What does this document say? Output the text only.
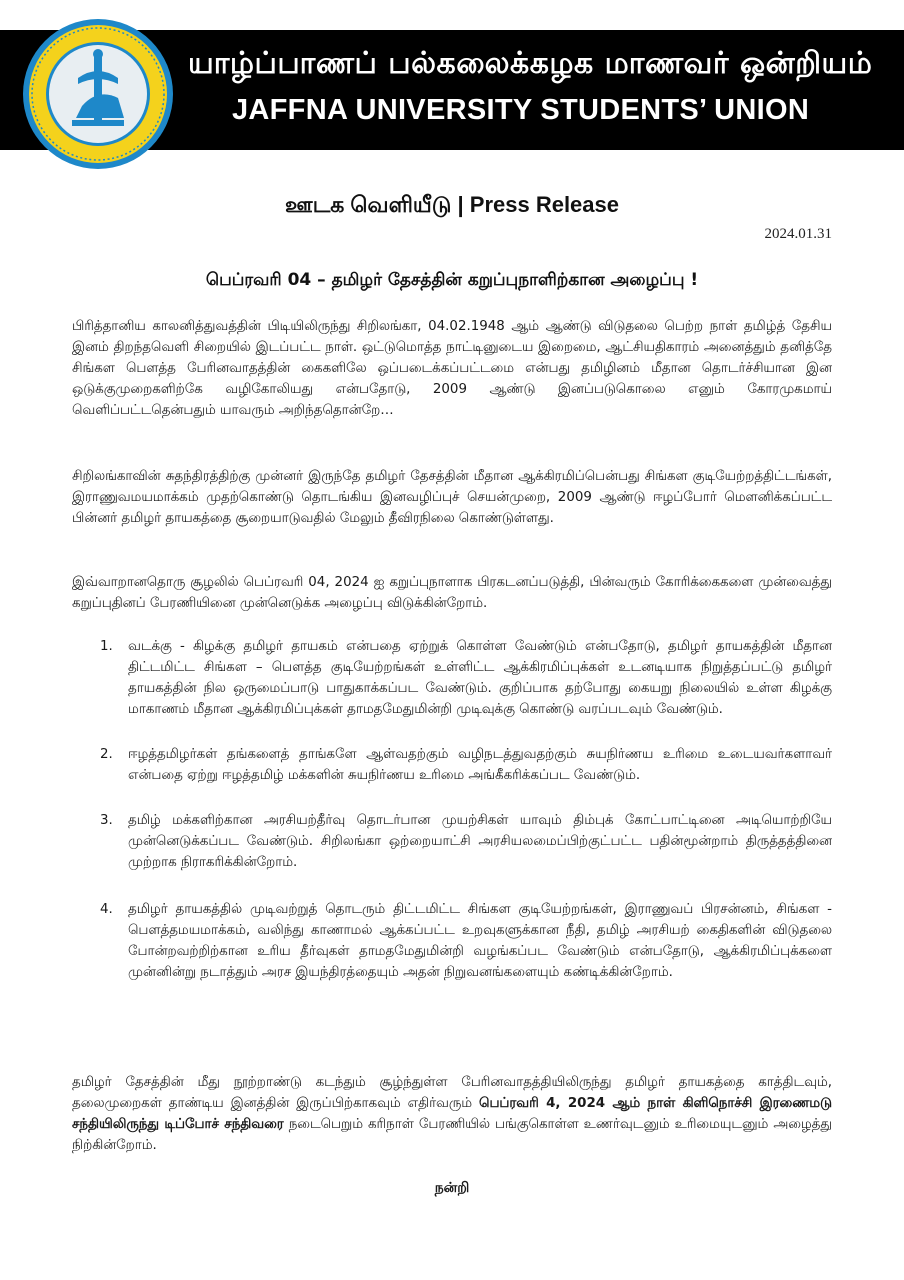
யாழ்ப்பாணப் பல்கலைக்கழக மாணவர் ஒன்றியம்
JAFFNA UNIVERSITY STUDENTS’ UNION
ஊடக வெளியீடு | Press Release
2024.01.31
பெப்ரவரி 04 – தமிழர் தேசத்தின் கறுப்புநாளிற்கான அழைப்பு !

பிரித்தானிய காலனித்துவத்தின் பிடியிலிருந்து சிறிலங்கா, 04.02.1948 ஆம் ஆண்டு விடுதலை பெற்ற நாள் தமிழ்த் தேசிய இனம் திறந்தவெளி சிறையில் இடப்பட்ட நாள். ஒட்டுமொத்த நாட்டினுடைய இறைமை, ஆட்சியதிகாரம் அனைத்தும் தனித்தே சிங்கள பௌத்த பேரினவாதத்தின் கைகளிலே ஒப்படைக்கப்பட்டமை என்பது தமிழினம் மீதான தொடர்ச்சியான இன ஒடுக்குமுறைகளிற்கே வழிகோலியது என்பதோடு, 2009 ஆண்டு இனப்படுகொலை எனும் கோரமுகமாய் வெளிப்பட்டதென்பதும் யாவரும் அறிந்ததொன்றே…

சிறிலங்காவின் சுதந்திரத்திற்கு முன்னர் இருந்தே தமிழர் தேசத்தின் மீதான ஆக்கிரமிப்பென்பது சிங்கள குடியேற்றத்திட்டங்கள், இராணுவமயமாக்கம் முதற்கொண்டு தொடங்கிய இனவழிப்புச் செயன்முறை, 2009 ஆண்டு ஈழப்போர் மௌனிக்கப்பட்ட பின்னர் தமிழர் தாயகத்தை சூறையாடுவதில் மேலும் தீவிரநிலை கொண்டுள்ளது.

இவ்வாறானதொரு சூழலில் பெப்ரவரி 04, 2024 ஐ கறுப்புநாளாக பிரகடனப்படுத்தி, பின்வரும் கோரிக்கைகளை முன்வைத்து கறுப்புதினப் பேரணியினை முன்னெடுக்க அழைப்பு விடுக்கின்றோம்.

1. வடக்கு - கிழக்கு தமிழர் தாயகம் என்பதை ஏற்றுக் கொள்ள வேண்டும் என்பதோடு, தமிழர் தாயகத்தின் மீதான திட்டமிட்ட சிங்கள – பௌத்த குடியேற்றங்கள் உள்ளிட்ட ஆக்கிரமிப்புக்கள் உடனடியாக நிறுத்தப்பட்டு தமிழர் தாயகத்தின் நில ஒருமைப்பாடு பாதுகாக்கப்பட வேண்டும். குறிப்பாக தற்போது கையறு நிலையில் உள்ள கிழக்கு மாகாணம் மீதான ஆக்கிரமிப்புக்கள் தாமதமேதுமின்றி முடிவுக்கு கொண்டு வரப்படவும் வேண்டும்.
2. ஈழத்தமிழர்கள் தங்களைத் தாங்களே ஆள்வதற்கும் வழிநடத்துவதற்கும் சுயநிர்ணய உரிமை உடையவர்களாவர் என்பதை ஏற்று ஈழத்தமிழ் மக்களின் சுயநிர்ணய உரிமை அங்கீகரிக்கப்பட வேண்டும்.
3. தமிழ் மக்களிற்கான அரசியற்தீர்வு தொடர்பான முயற்சிகள் யாவும் திம்புக் கோட்பாட்டினை அடியொற்றியே முன்னெடுக்கப்பட வேண்டும். சிறிலங்கா ஒற்றையாட்சி அரசியலமைப்பிற்குட்பட்ட பதின்மூன்றாம் திருத்தத்தினை முற்றாக நிராகரிக்கின்றோம்.
4. தமிழர் தாயகத்தில் முடிவற்றுத் தொடரும் திட்டமிட்ட சிங்கள குடியேற்றங்கள், இராணுவப் பிரசன்னம், சிங்கள - பௌத்தமயமாக்கம், வலிந்து காணாமல் ஆக்கப்பட்ட உறவுகளுக்கான நீதி, தமிழ் அரசியற் கைதிகளின் விடுதலை போன்றவற்றிற்கான உரிய தீர்வுகள் தாமதமேதுமின்றி வழங்கப்பட வேண்டும் என்பதோடு, ஆக்கிரமிப்புக்களை முன்னின்று நடாத்தும் அரச இயந்திரத்தையும் அதன் நிறுவனங்களையும் கண்டிக்கின்றோம்.

தமிழர் தேசத்தின் மீது நூற்றாண்டு கடந்தும் சூழ்ந்துள்ள பேரினவாதத்தியிலிருந்து தமிழர் தாயகத்தை காத்திடவும், தலைமுறைகள் தாண்டிய இனத்தின் இருப்பிற்காகவும் எதிர்வரும் பெப்ரவரி 4, 2024 ஆம் நாள் கிளிநொச்சி இரணைமடு சந்தியிலிருந்து டிப்போச் சந்திவரை நடைபெறும் கரிநாள் பேரணியில் பங்குகொள்ள உணர்வுடனும் உரிமையுடனும் அழைத்து நிற்கின்றோம்.

நன்றி
